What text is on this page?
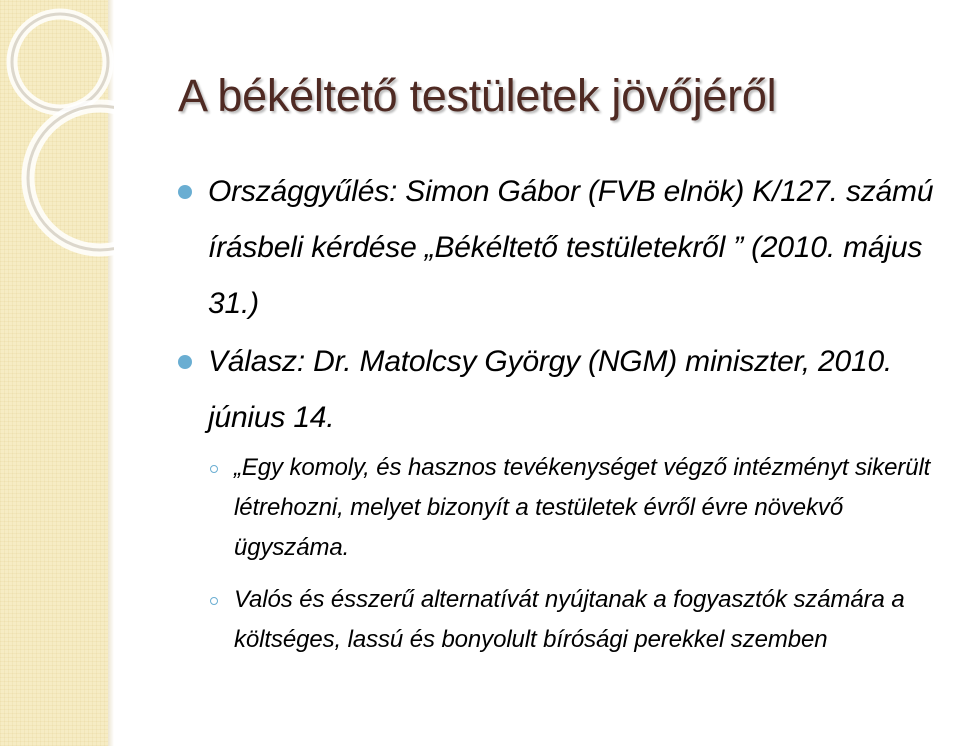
A békéltető testületek jövőjéről
Országgyűlés: Simon Gábor (FVB elnök) K/127. számú írásbeli kérdése „Békéltető testületekről ” (2010. május 31.)
Válasz: Dr. Matolcsy György (NGM) miniszter, 2010. június 14.
„Egy komoly, és hasznos tevékenységet végző intézményt sikerült létrehozni, melyet bizonyít a testületek évről évre növekvő ügyszáma.
Valós és ésszerű alternatívát nyújtanak a fogyasztók számára a költséges, lassú és bonyolult bírósági perekkel szemben
